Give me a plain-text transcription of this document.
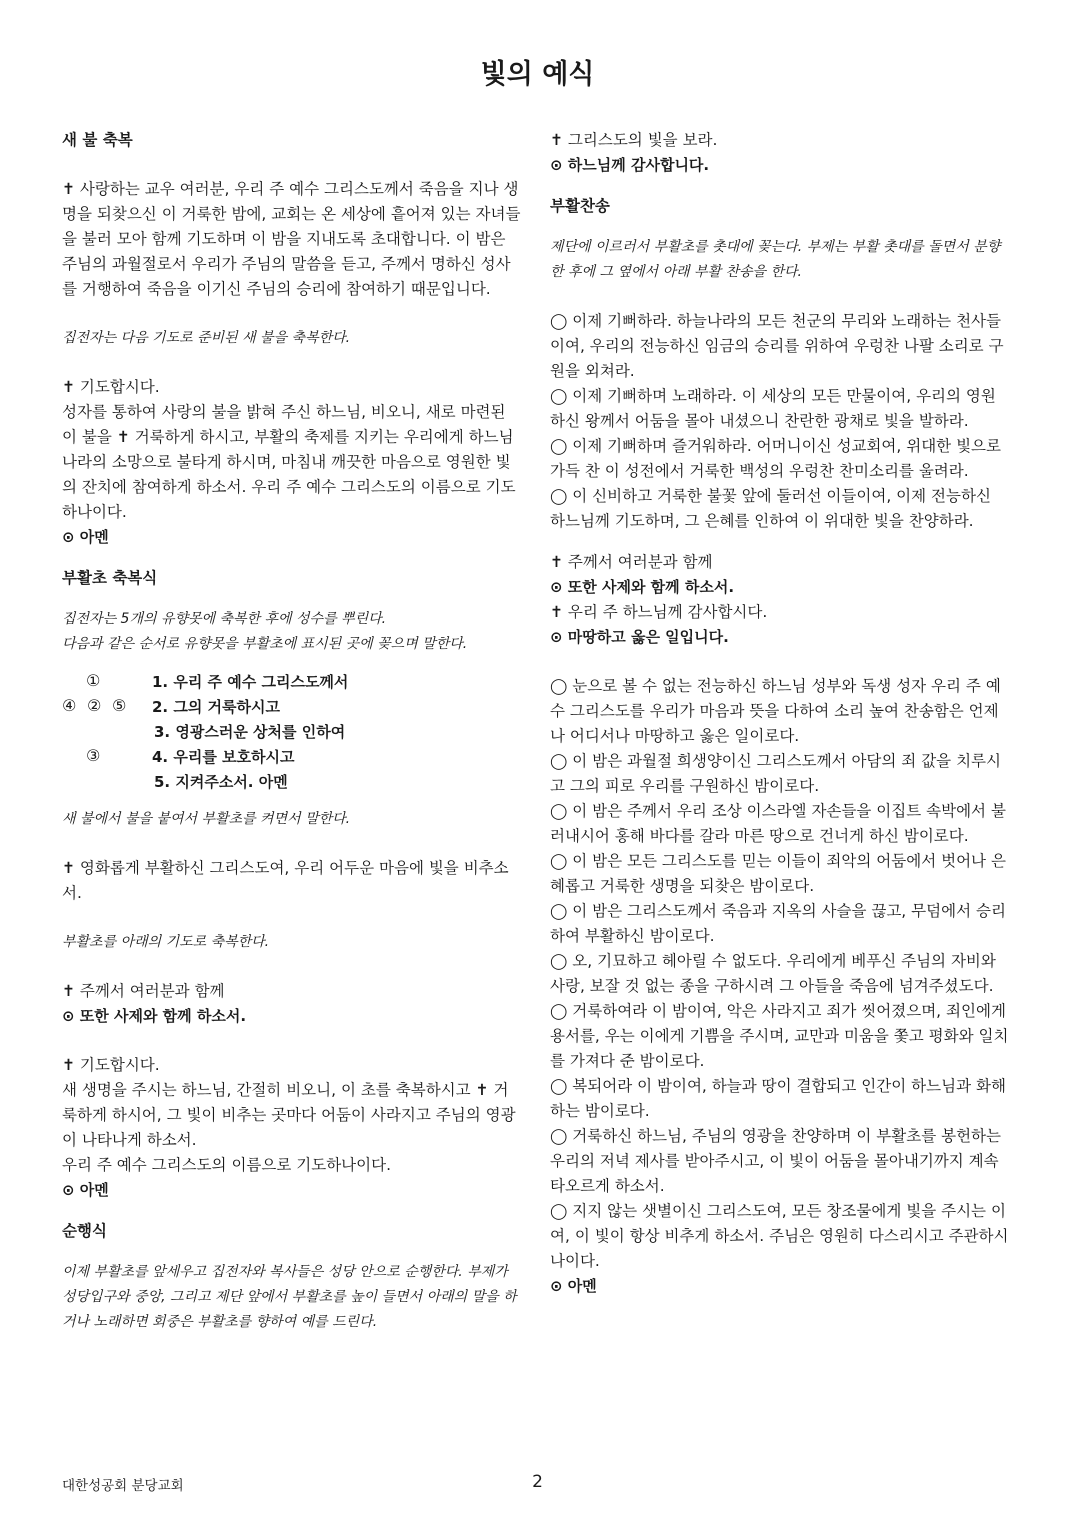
빛의 예식

새 불 축복

✝ 사랑하는 교우 여러분, 우리 주 예수 그리스도께서 죽음을 지나 생명을 되찾으신 이 거룩한 밤에, 교회는 온 세상에 흩어져 있는 자녀들을 불러 모아 함께 기도하며 이 밤을 지내도록 초대합니다. 이 밤은 주님의 과월절로서 우리가 주님의 말씀을 듣고, 주께서 명하신 성사를 거행하여 죽음을 이기신 주님의 승리에 참여하기 때문입니다.

집전자는 다음 기도로 준비된 새 불을 축복한다.

✝ 기도합시다.

성자를 통하여 사랑의 불을 밝혀 주신 하느님, 비오니, 새로 마련된 이 불을 ✝ 거룩하게 하시고, 부활의 축제를 지키는 우리에게 하느님 나라의 소망으로 불타게 하시며, 마침내 깨끗한 마음으로 영원한 빛의 잔치에 참여하게 하소서. 우리 주 예수 그리스도의 이름으로 기도하나이다.

⊙ 아멘

부활초 축복식

집전자는 5개의 유향못에 축복한 후에 성수를 뿌린다.

다음과 같은 순서로 유향못을 부활초에 표시된 곳에 꽂으며 말한다.

①
④ ② ⑤
③
1. 우리 주 예수 그리스도께서
2. 그의 거룩하시고
3. 영광스러운 상처를 인하여
4. 우리를 보호하시고
5. 지켜주소서. 아멘

새 불에서 불을 붙여서 부활초를 켜면서 말한다.

✝ 영화롭게 부활하신 그리스도여, 우리 어두운 마음에 빛을 비추소서.

부활초를 아래의 기도로 축복한다.

✝ 주께서 여러분과 함께

⊙ 또한 사제와 함께 하소서.

✝ 기도합시다.

새 생명을 주시는 하느님, 간절히 비오니, 이 초를 축복하시고 ✝ 거룩하게 하시어, 그 빛이 비추는 곳마다 어둠이 사라지고 주님의 영광이 나타나게 하소서.

우리 주 예수 그리스도의 이름으로 기도하나이다.

⊙ 아멘

순행식

이제 부활초를 앞세우고 집전자와 복사들은 성당 안으로 순행한다. 부제가 성당입구와 중앙, 그리고 제단 앞에서 부활초를 높이 들면서 아래의 말을 하거나 노래하면 회중은 부활초를 향하여 예를 드린다.

✝ 그리스도의 빛을 보라.

⊙ 하느님께 감사합니다.

부활찬송

제단에 이르러서 부활초를 촛대에 꽂는다. 부제는 부활 촛대를 돌면서 분향한 후에 그 옆에서 아래 부활 찬송을 한다.

◯ 이제 기뻐하라. 하늘나라의 모든 천군의 무리와 노래하는 천사들이여, 우리의 전능하신 임금의 승리를 위하여 우렁찬 나팔 소리로 구원을 외쳐라.

◯ 이제 기뻐하며 노래하라. 이 세상의 모든 만물이여, 우리의 영원하신 왕께서 어둠을 몰아 내셨으니 찬란한 광채로 빛을 발하라.

◯ 이제 기뻐하며 즐거워하라. 어머니이신 성교회여, 위대한 빛으로 가득 찬 이 성전에서 거룩한 백성의 우렁찬 찬미소리를 울려라.

◯ 이 신비하고 거룩한 불꽃 앞에 둘러선 이들이여, 이제 전능하신 하느님께 기도하며, 그 은혜를 인하여 이 위대한 빛을 찬양하라.

✝ 주께서 여러분과 함께

⊙ 또한 사제와 함께 하소서.

✝ 우리 주 하느님께 감사합시다.

⊙ 마땅하고 옳은 일입니다.

◯ 눈으로 볼 수 없는 전능하신 하느님 성부와 독생 성자 우리 주 예수 그리스도를 우리가 마음과 뜻을 다하여 소리 높여 찬송함은 언제나 어디서나 마땅하고 옳은 일이로다.

◯ 이 밤은 과월절 희생양이신 그리스도께서 아담의 죄 값을 치루시고 그의 피로 우리를 구원하신 밤이로다.

◯ 이 밤은 주께서 우리 조상 이스라엘 자손들을 이집트 속박에서 불러내시어 홍해 바다를 갈라 마른 땅으로 건너게 하신 밤이로다.

◯ 이 밤은 모든 그리스도를 믿는 이들이 죄악의 어둠에서 벗어나 은혜롭고 거룩한 생명을 되찾은 밤이로다.

◯ 이 밤은 그리스도께서 죽음과 지옥의 사슬을 끊고, 무덤에서 승리하여 부활하신 밤이로다.

◯ 오, 기묘하고 헤아릴 수 없도다. 우리에게 베푸신 주님의 자비와 사랑, 보잘 것 없는 종을 구하시려 그 아들을 죽음에 넘겨주셨도다.

◯ 거룩하여라 이 밤이여, 악은 사라지고 죄가 씻어졌으며, 죄인에게 용서를, 우는 이에게 기쁨을 주시며, 교만과 미움을 쫓고 평화와 일치를 가져다 준 밤이로다.

◯ 복되어라 이 밤이여, 하늘과 땅이 결합되고 인간이 하느님과 화해하는 밤이로다.

◯ 거룩하신 하느님, 주님의 영광을 찬양하며 이 부활초를 봉헌하는 우리의 저녁 제사를 받아주시고, 이 빛이 어둠을 몰아내기까지 계속 타오르게 하소서.

◯ 지지 않는 샛별이신 그리스도여, 모든 창조물에게 빛을 주시는 이여, 이 빛이 항상 비추게 하소서. 주님은 영원히 다스리시고 주관하시나이다.

⊙ 아멘

대한성공회 분당교회	2
